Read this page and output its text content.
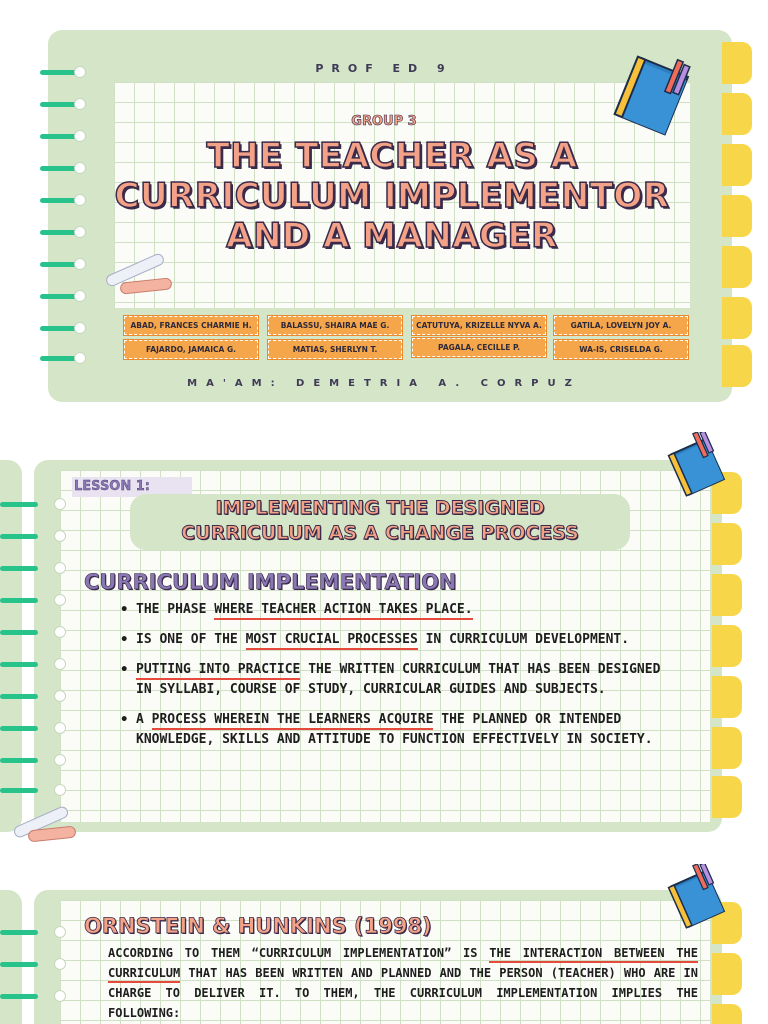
PROF ED 9
GROUP 3
THE TEACHER AS A
CURRICULUM IMPLEMENTOR
AND A MANAGER
ABAD, FRANCES CHARMIE H.	BALASSU, SHAIRA MAE G.	CATUTUYA, KRIZELLE NYVA A.	GATILA, LOVELYN JOY A.
FAJARDO, JAMAICA G.	MATIAS, SHERLYN T.	PAGALA, CECILLE P.	WA-IS, CRISELDA G.
MA'AM: DEMETRIA A. CORPUZ
LESSON 1:
IMPLEMENTING THE DESIGNED
CURRICULUM AS A CHANGE PROCESS
CURRICULUM IMPLEMENTATION
• THE PHASE WHERE TEACHER ACTION TAKES PLACE.
• IS ONE OF THE MOST CRUCIAL PROCESSES IN CURRICULUM DEVELOPMENT.
• PUTTING INTO PRACTICE THE WRITTEN CURRICULUM THAT HAS BEEN DESIGNED IN SYLLABI, COURSE OF STUDY, CURRICULAR GUIDES AND SUBJECTS.
• A PROCESS WHEREIN THE LEARNERS ACQUIRE THE PLANNED OR INTENDED KNOWLEDGE, SKILLS AND ATTITUDE TO FUNCTION EFFECTIVELY IN SOCIETY.
ORNSTEIN & HUNKINS (1998)
ACCORDING TO THEM “CURRICULUM IMPLEMENTATION” IS THE INTERACTION BETWEEN THE CURRICULUM THAT HAS BEEN WRITTEN AND PLANNED AND THE PERSON (TEACHER) WHO ARE IN CHARGE TO DELIVER IT. TO THEM, THE CURRICULUM IMPLEMENTATION IMPLIES THE FOLLOWING:
